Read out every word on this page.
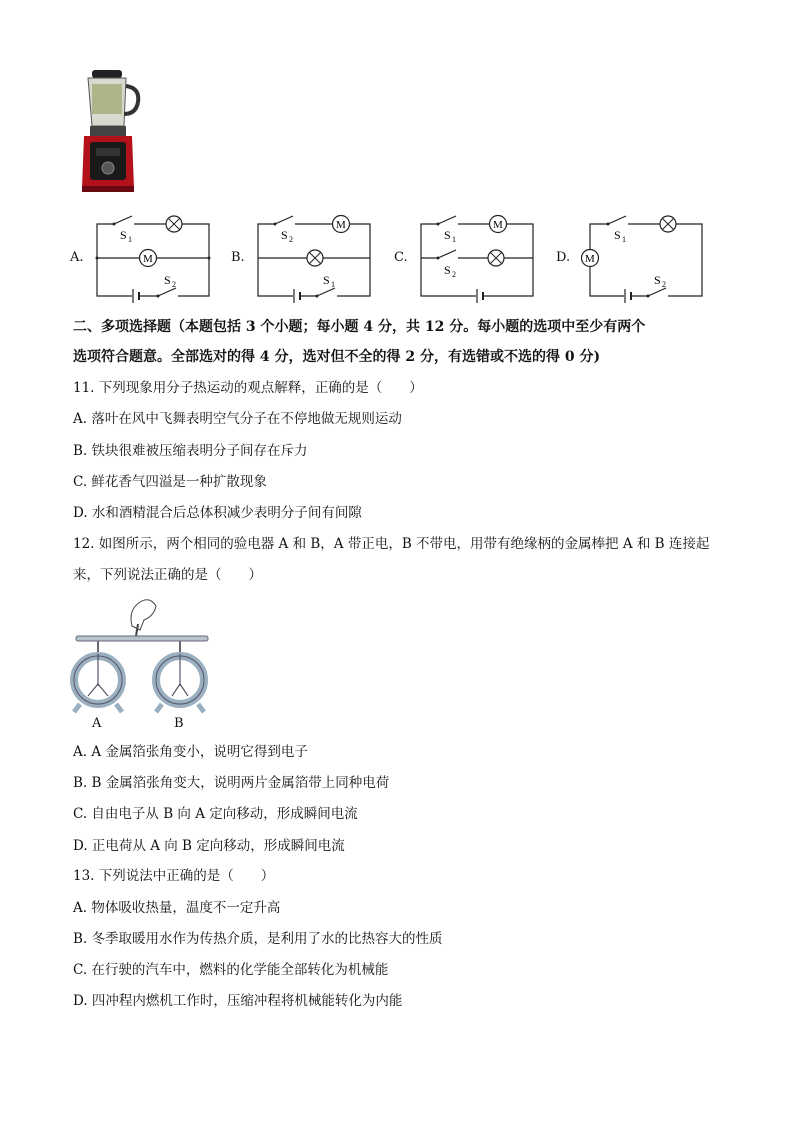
A.
S 1
M
S 2
B.
S 2
M
S 1
C.
S 1
M
S 2
D. M
S 1
S 2
二、多项选择题（本题包括 3 个小题；每小题 4 分，共 12 分。每小题的选项中至少有两个
选项符合题意。全部选对的得 4 分，选对但不全的得 2 分，有选错或不选的得 0 分)
11. 下列现象用分子热运动的观点解释，正确的是（　　）
A. 落叶在风中飞舞表明空气分子在不停地做无规则运动
B. 铁块很难被压缩表明分子间存在斥力
C. 鲜花香气四溢是一种扩散现象
D. 水和酒精混合后总体积减少表明分子间有间隙
12. 如图所示，两个相同的验电器 A 和 B，A 带正电，B 不带电，用带有绝缘柄的金属棒把 A 和 B 连接起
来，下列说法正确的是（　　）
A	B
A. A 金属箔张角变小，说明它得到电子
B. B 金属箔张角变大，说明两片金属箔带上同种电荷
C. 自由电子从 B 向 A 定向移动，形成瞬间电流
D. 正电荷从 A 向 B 定向移动，形成瞬间电流
13. 下列说法中正确的是（　　）
A. 物体吸收热量，温度不一定升高
B. 冬季取暖用水作为传热介质，是利用了水的比热容大的性质
C. 在行驶的汽车中，燃料的化学能全部转化为机械能
D. 四冲程内燃机工作时，压缩冲程将机械能转化为内能
